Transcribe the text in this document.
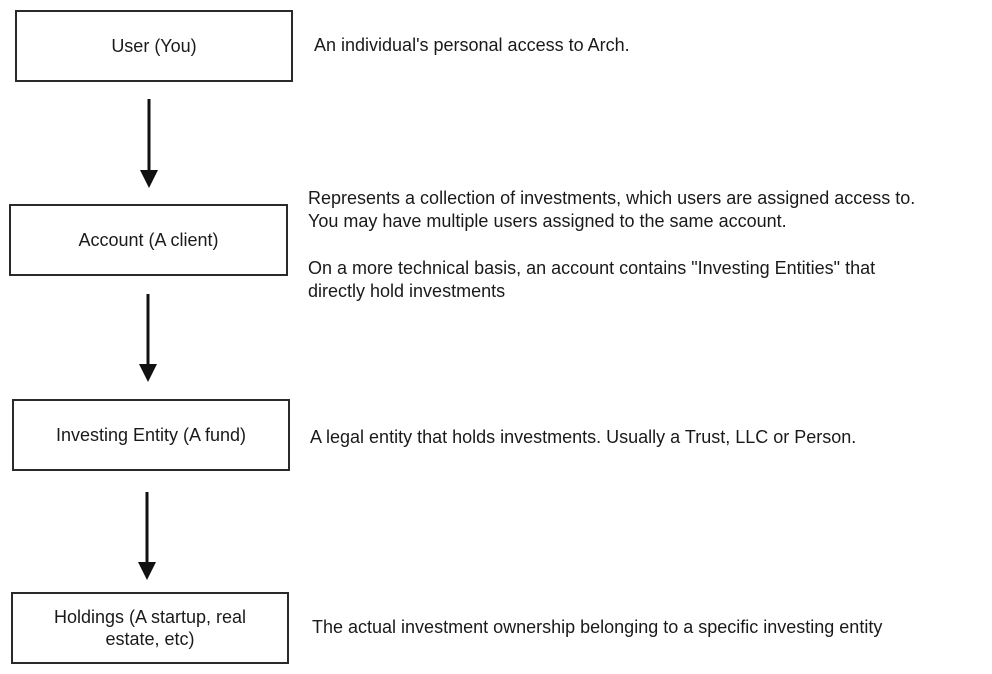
User (You)
Account (A client)
Investing Entity (A fund)
Holdings (A startup, real estate, etc)

An individual's personal access to Arch.

Represents a collection of investments, which users are assigned access to.

You may have multiple users assigned to the same account.

On a more technical basis, an account contains "Investing Entities" that

directly hold investments

A legal entity that holds investments. Usually a Trust, LLC or Person.

The actual investment ownership belonging to a specific investing entity
